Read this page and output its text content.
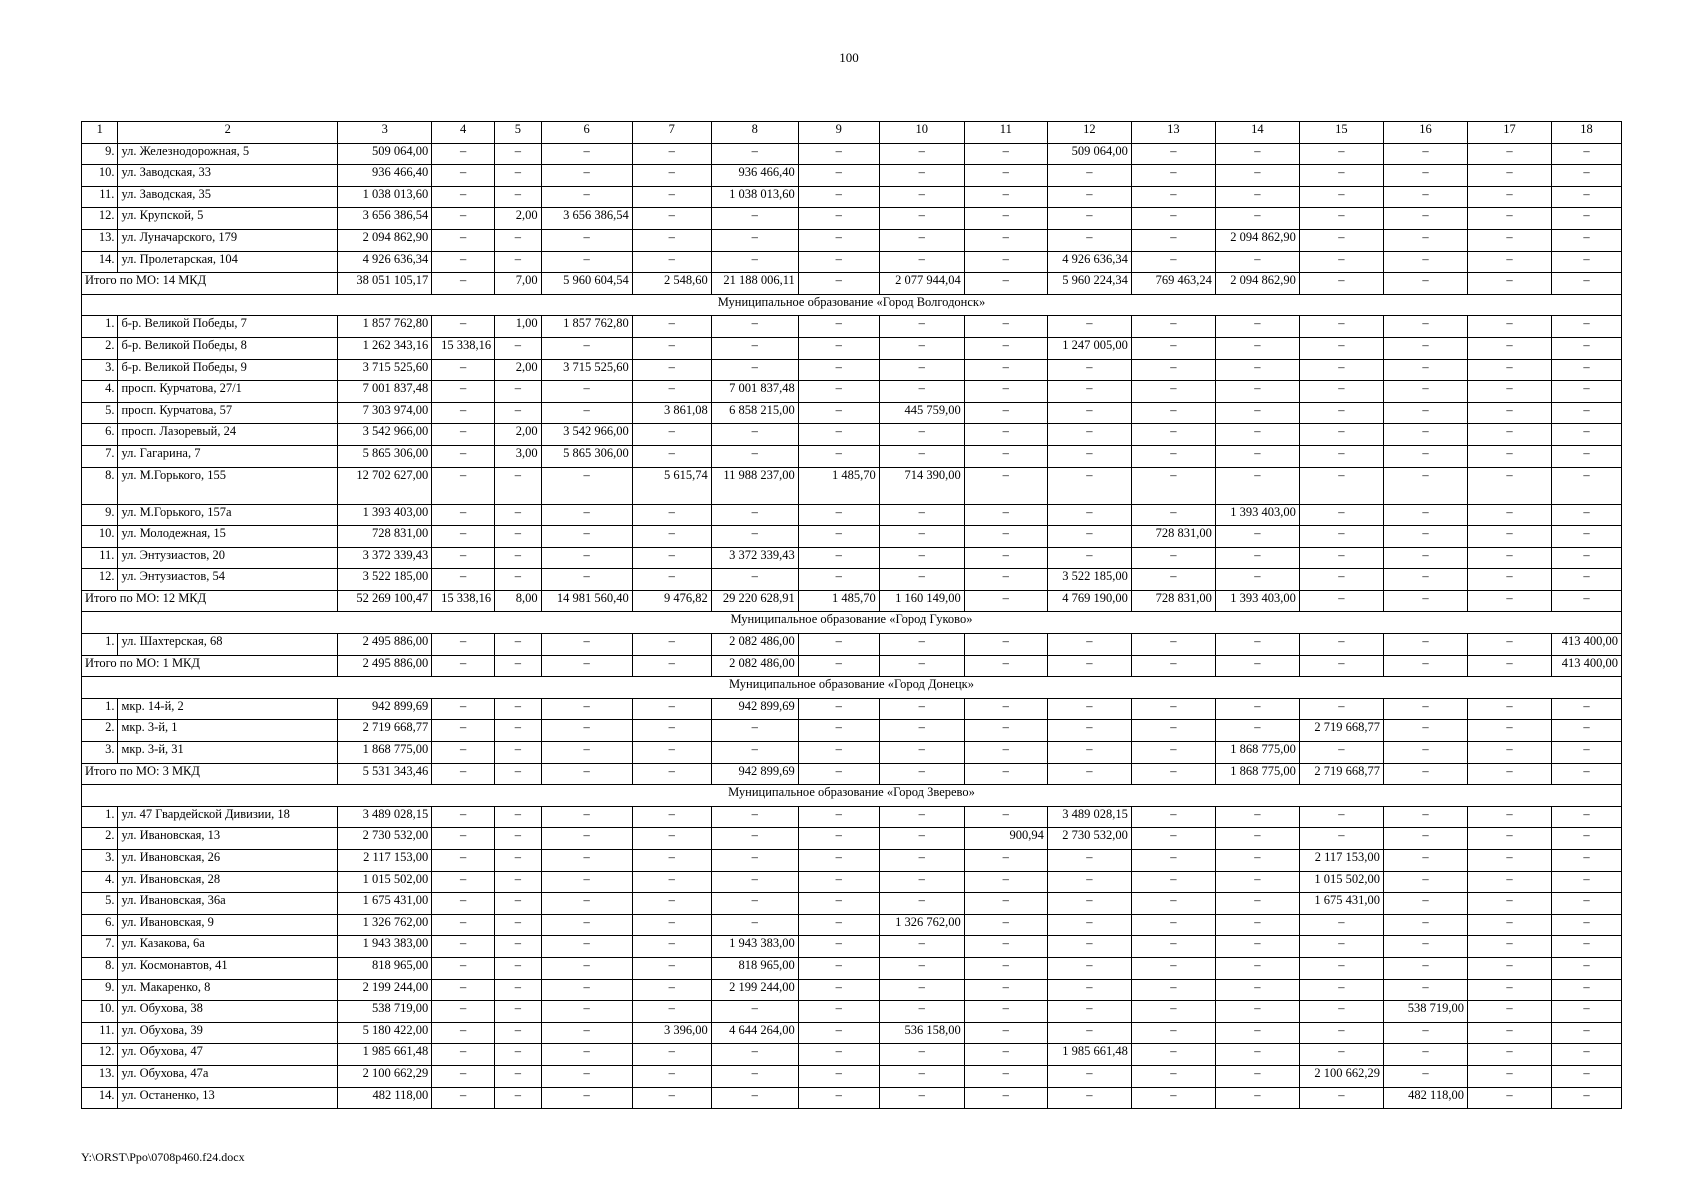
100
1	2	3	4	5	6	7	8	9	10	11	12	13	14	15	16	17	18
9.	ул. Железнодорожная, 5	509 064,00	–	–	–	–	–	–	–	–	509 064,00	–	–	–	–	–	–
10.	ул. Заводская, 33	936 466,40	–	–	–	–	936 466,40	–	–	–	–	–	–	–	–	–	–
11.	ул. Заводская, 35	1 038 013,60	–	–	–	–	1 038 013,60	–	–	–	–	–	–	–	–	–	–
12.	ул. Крупской, 5	3 656 386,54	–	2,00	3 656 386,54	–	–	–	–	–	–	–	–	–	–	–	–
13.	ул. Луначарского, 179	2 094 862,90	–	–	–	–	–	–	–	–	–	–	2 094 862,90	–	–	–	–
14.	ул. Пролетарская, 104	4 926 636,34	–	–	–	–	–	–	–	–	4 926 636,34	–	–	–	–	–	–
Итого по МО: 14 МКД		38 051 105,17	–	7,00	5 960 604,54	2 548,60	21 188 006,11	–	2 077 944,04	–	5 960 224,34	769 463,24	2 094 862,90	–	–	–	–
Муниципальное образование «Город Волгодонск»																	
1.	б-р. Великой Победы, 7	1 857 762,80	–	1,00	1 857 762,80	–	–	–	–	–	–	–	–	–	–	–	–
2.	б-р. Великой Победы, 8	1 262 343,16	15 338,16	–	–	–	–	–	–	–	1 247 005,00	–	–	–	–	–	–
3.	б-р. Великой Победы, 9	3 715 525,60	–	2,00	3 715 525,60	–	–	–	–	–	–	–	–	–	–	–	–
4.	просп. Курчатова, 27/1	7 001 837,48	–	–	–	–	7 001 837,48	–	–	–	–	–	–	–	–	–	–
5.	просп. Курчатова, 57	7 303 974,00	–	–	–	3 861,08	6 858 215,00	–	445 759,00	–	–	–	–	–	–	–	–
6.	просп. Лазоревый, 24	3 542 966,00	–	2,00	3 542 966,00	–	–	–	–	–	–	–	–	–	–	–	–
7.	ул. Гагарина, 7	5 865 306,00	–	3,00	5 865 306,00	–	–	–	–	–	–	–	–	–	–	–	–
8.	ул. М.Горького, 155	12 702 627,00	–	–	–	5 615,74	11 988 237,00	1 485,70	714 390,00	–	–	–	–	–	–	–	–
9.	ул. М.Горького, 157а	1 393 403,00	–	–	–	–	–	–	–	–	–	–	1 393 403,00	–	–	–	–
10.	ул. Молодежная, 15	728 831,00	–	–	–	–	–	–	–	–	–	728 831,00	–	–	–	–	–
11.	ул. Энтузиастов, 20	3 372 339,43	–	–	–	–	3 372 339,43	–	–	–	–	–	–	–	–	–	–
12.	ул. Энтузиастов, 54	3 522 185,00	–	–	–	–	–	–	–	–	3 522 185,00	–	–	–	–	–	–
Итого по МО: 12 МКД		52 269 100,47	15 338,16	8,00	14 981 560,40	9 476,82	29 220 628,91	1 485,70	1 160 149,00	–	4 769 190,00	728 831,00	1 393 403,00	–	–	–	–
Муниципальное образование «Город Гуково»																	
1.	ул. Шахтерская, 68	2 495 886,00	–	–	–	–	2 082 486,00	–	–	–	–	–	–	–	–	–	413 400,00
Итого по МО: 1 МКД		2 495 886,00	–	–	–	–	2 082 486,00	–	–	–	–	–	–	–	–	–	413 400,00
Муниципальное образование «Город Донецк»																	
1.	мкр. 14-й, 2	942 899,69	–	–	–	–	942 899,69	–	–	–	–	–	–	–	–	–	–
2.	мкр. 3-й, 1	2 719 668,77	–	–	–	–	–	–	–	–	–	–	–	2 719 668,77	–	–	–
3.	мкр. 3-й, 31	1 868 775,00	–	–	–	–	–	–	–	–	–	–	1 868 775,00	–	–	–	–
Итого по МО: 3 МКД		5 531 343,46	–	–	–	–	942 899,69	–	–	–	–	–	1 868 775,00	2 719 668,77	–	–	–
Муниципальное образование «Город Зверево»																	
1.	ул. 47 Гвардейской Дивизии, 18	3 489 028,15	–	–	–	–	–	–	–	–	3 489 028,15	–	–	–	–	–	–
2.	ул. Ивановская, 13	2 730 532,00	–	–	–	–	–	–	–	900,94	2 730 532,00	–	–	–	–	–	–
3.	ул. Ивановская, 26	2 117 153,00	–	–	–	–	–	–	–	–	–	–	–	2 117 153,00	–	–	–
4.	ул. Ивановская, 28	1 015 502,00	–	–	–	–	–	–	–	–	–	–	–	1 015 502,00	–	–	–
5.	ул. Ивановская, 36а	1 675 431,00	–	–	–	–	–	–	–	–	–	–	–	1 675 431,00	–	–	–
6.	ул. Ивановская, 9	1 326 762,00	–	–	–	–	–	–	1 326 762,00	–	–	–	–	–	–	–	–
7.	ул. Казакова, 6а	1 943 383,00	–	–	–	–	1 943 383,00	–	–	–	–	–	–	–	–	–	–
8.	ул. Космонавтов, 41	818 965,00	–	–	–	–	818 965,00	–	–	–	–	–	–	–	–	–	–
9.	ул. Макаренко, 8	2 199 244,00	–	–	–	–	2 199 244,00	–	–	–	–	–	–	–	–	–	–
10.	ул. Обухова, 38	538 719,00	–	–	–	–	–	–	–	–	–	–	–	–	538 719,00	–	–
11.	ул. Обухова, 39	5 180 422,00	–	–	–	3 396,00	4 644 264,00	–	536 158,00	–	–	–	–	–	–	–	–
12.	ул. Обухова, 47	1 985 661,48	–	–	–	–	–	–	–	–	1 985 661,48	–	–	–	–	–	–
13.	ул. Обухова, 47а	2 100 662,29	–	–	–	–	–	–	–	–	–	–	–	2 100 662,29	–	–	–
14.	ул. Останенко, 13	482 118,00	–	–	–	–	–	–	–	–	–	–	–	–	482 118,00	–	–
Y:\ORST\Ppo\0708p460.f24.docx
